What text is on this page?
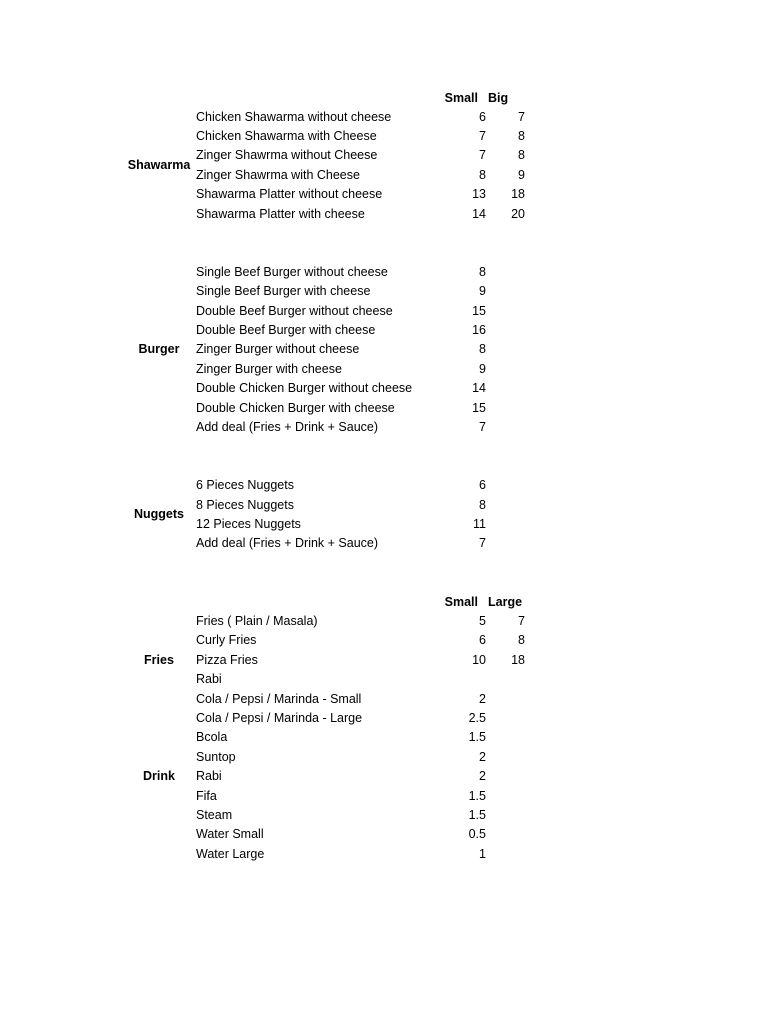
Small Big
Chicken Shawarma without cheese	6	7
Chicken Shawarma with Cheese	7	8
Zinger Shawrma without Cheese	7	8
Zinger Shawrma with Cheese	8	9
Shawarma Platter without cheese	13 18
Shawarma Platter with cheese	14 20
Shawarma
Single Beef Burger without cheese	8
Single Beef Burger with cheese	9
Double Beef Burger without cheese	15
Double Beef Burger with cheese	16
Zinger Burger without cheese	8
Zinger Burger with cheese	9
Double Chicken Burger without cheese	14
Double Chicken Burger with cheese	15
Add deal (Fries + Drink + Sauce)	7
Burger
6 Pieces Nuggets	6
8 Pieces Nuggets	8
12 Pieces Nuggets	11
Add deal (Fries + Drink + Sauce)	7
Nuggets
Small Large
Fries ( Plain / Masala)	5	7
Curly Fries	6	8
Pizza Fries	10 18
Fries
Rabi
Cola / Pepsi / Marinda - Small	2
Cola / Pepsi / Marinda - Large	2.5
Bcola	1.5
Suntop	2
Rabi	2
Fifa	1.5
Steam	1.5
Water Small	0.5
Water Large	1
Drink
